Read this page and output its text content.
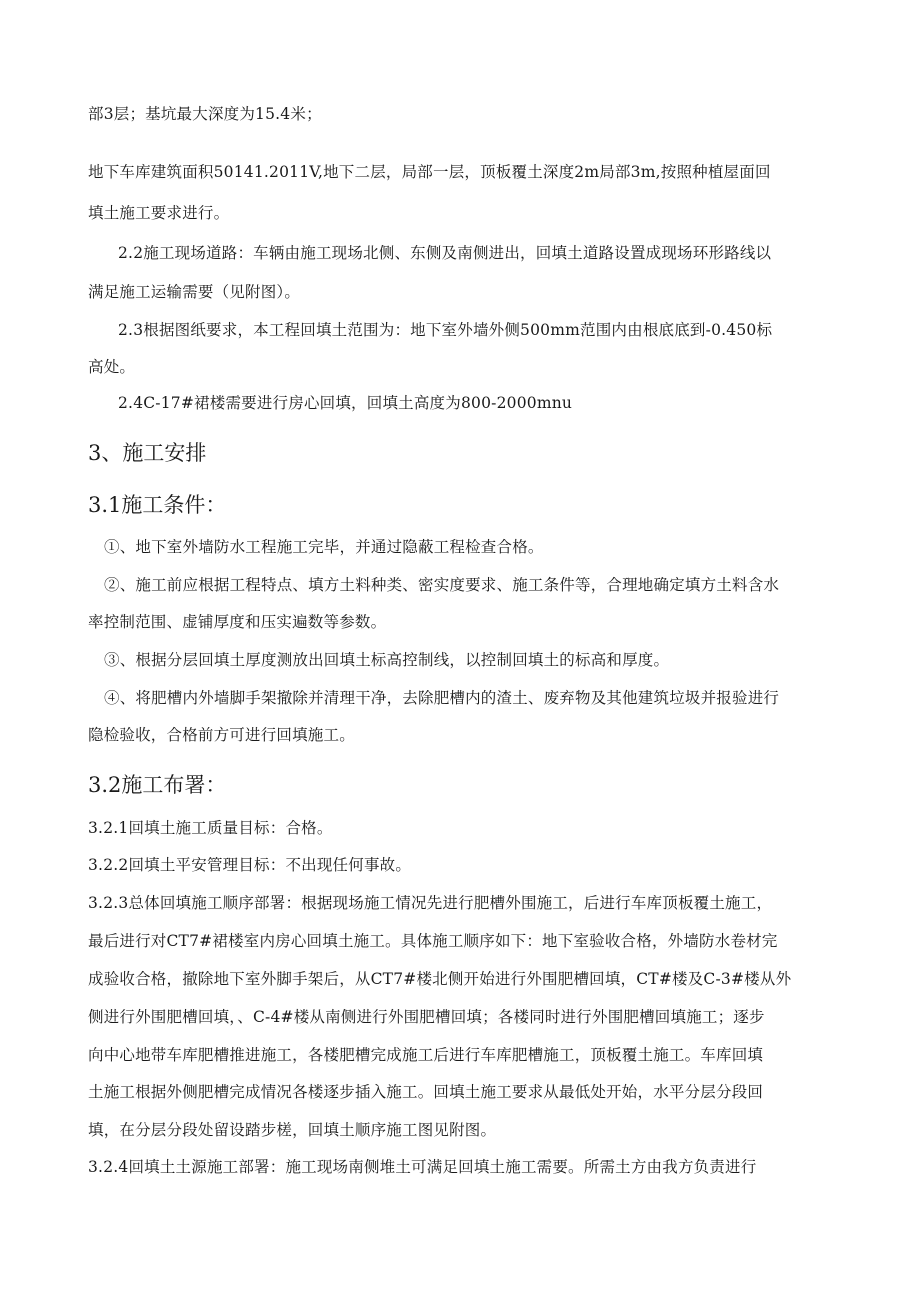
部3层；基坑最大深度为15.4米；
地下车库建筑面积50141.2011V,地下二层，局部一层，顶板覆土深度2m局部3m,按照种植屋面回
填土施工要求进行。
2.2施工现场道路：车辆由施工现场北侧、东侧及南侧进出，回填土道路设置成现场环形路线以
满足施工运输需要（见附图）。
2.3根据图纸要求，本工程回填土范围为：地下室外墙外侧500mm范围内由根底底到-0.450标
高处。
2.4C-17#裙楼需要进行房心回填，回填土高度为800-2000mnu
3、施工安排
3.1施工条件：
①、地下室外墙防水工程施工完毕，并通过隐蔽工程检查合格。
②、施工前应根据工程特点、填方土料种类、密实度要求、施工条件等，合理地确定填方土料含水
率控制范围、虚铺厚度和压实遍数等参数。
③、根据分层回填土厚度测放出回填土标高控制线，以控制回填土的标高和厚度。
④、将肥槽内外墙脚手架撤除并清理干净，去除肥槽内的渣土、废弃物及其他建筑垃圾并报验进行
隐检验收，合格前方可进行回填施工。
3.2施工布署：
3.2.1回填土施工质量目标：合格。
3.2.2回填土平安管理目标：不出现任何事故。
3.2.3总体回填施工顺序部署：根据现场施工情况先进行肥槽外围施工，后进行车库顶板覆土施工，
最后进行对CT7#裙楼室内房心回填土施工。具体施工顺序如下：地下室验收合格，外墙防水卷材完
成验收合格，撤除地下室外脚手架后，从CT7#楼北侧开始进行外围肥槽回填，CT#楼及C-3#楼从外
侧进行外围肥槽回填，、C-4#楼从南侧进行外围肥槽回填；各楼同时进行外围肥槽回填施工；逐步
向中心地带车库肥槽推进施工，各楼肥槽完成施工后进行车库肥槽施工，顶板覆土施工。车库回填
土施工根据外侧肥槽完成情况各楼逐步插入施工。回填土施工要求从最低处开始，水平分层分段回
填，在分层分段处留设踏步槎，回填土顺序施工图见附图。
3.2.4回填土土源施工部署：施工现场南侧堆土可满足回填土施工需要。所需土方由我方负责进行
